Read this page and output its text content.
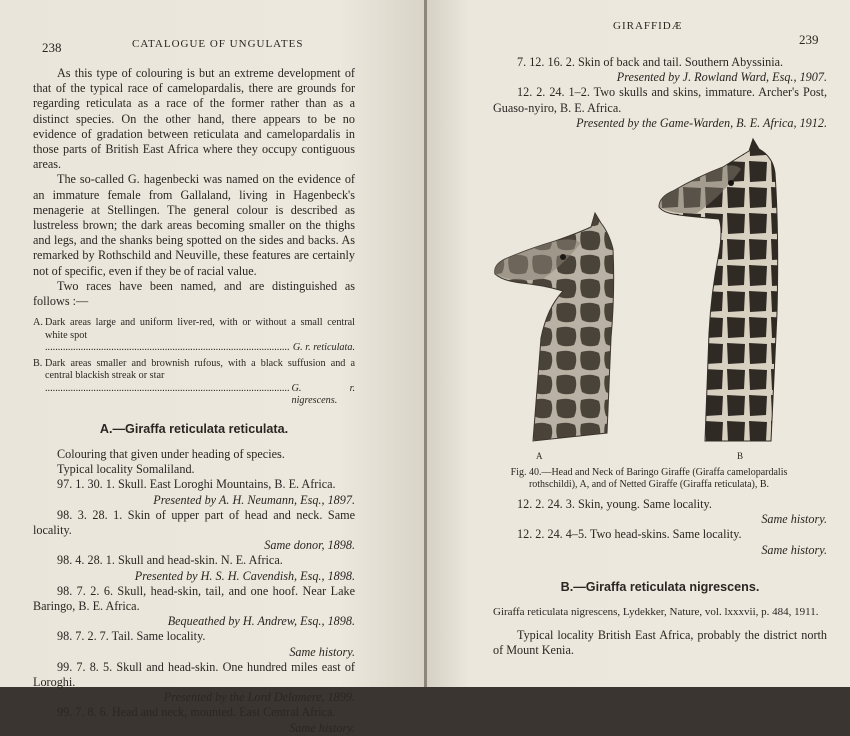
238	CATALOGUE OF UNGULATES

As this type of colouring is but an extreme development of that of the typical race of camelopardalis, there are grounds for regarding reticulata as a race of the former rather than as a distinct species. On the other hand, there appears to be no evidence of gradation between reticulata and camelopardalis in those parts of British East Africa where they occupy contiguous areas.

The so-called G. hagenbecki was named on the evidence of an immature female from Gallaland, living in Hagenbeck's menagerie at Stellingen. The general colour is described as lustreless brown; the dark areas becoming smaller on the thighs and legs, and the shanks being spotted on the sides and backs. As remarked by Rothschild and Neuville, these features are certainly not of specific, even if they be of racial value.

Two races have been named, and are distinguished as follows :—

A. Dark areas large and uniform liver-red, with or without a small central white spot
.....
G. r. reticulata.
B. Dark areas smaller and brownish rufous, with a black suffusion and a central blackish streak or star
.....
G. r. nigrescens.
A.—Giraffa reticulata reticulata.

Colouring that given under heading of species.

Typical locality Somaliland.

97. 1. 30. 1. Skull. East Loroghi Mountains, B. E. Africa.

Presented by A. H. Neumann, Esq., 1897.

98. 3. 28. 1. Skin of upper part of head and neck. Same locality.

Same donor, 1898.

98. 4. 28. 1. Skull and head-skin. N. E. Africa.

Presented by H. S. H. Cavendish, Esq., 1898.

98. 7. 2. 6. Skull, head-skin, tail, and one hoof. Near Lake Baringo, B. E. Africa.

Bequeathed by H. Andrew, Esq., 1898.

98. 7. 2. 7. Tail. Same locality.

Same history.

99. 7. 8. 5. Skull and head-skin. One hundred miles east of Loroghi.

Presented by the Lord Delamere, 1899.

99. 7. 8. 6. Head and neck, mounted. East Central Africa.

Same history.

GIRAFFIDÆ
239

7. 12. 16. 2. Skin of back and tail. Southern Abyssinia.

Presented by J. Rowland Ward, Esq., 1907.

12. 2. 24. 1–2. Two skulls and skins, immature. Archer's Post, Guaso-nyiro, B. E. Africa.

Presented by the Game-Warden, B. E. Africa, 1912.

12. 2. 24. 3. Skin, young. Same locality.

Same history.

12. 2. 24. 4–5. Two head-skins. Same locality.

Same history.

B.—Giraffa reticulata nigrescens.

Giraffa reticulata nigrescens, Lydekker, Nature, vol. lxxxvii, p. 484, 1911.

Typical locality British East Africa, probably the district north of Mount Kenia.

A	B
Fig. 40.—Head and Neck of Baringo Giraffe (Giraffa camelopardalis rothschildi), A, and of Netted Giraffe (Giraffa reticulata), B.
